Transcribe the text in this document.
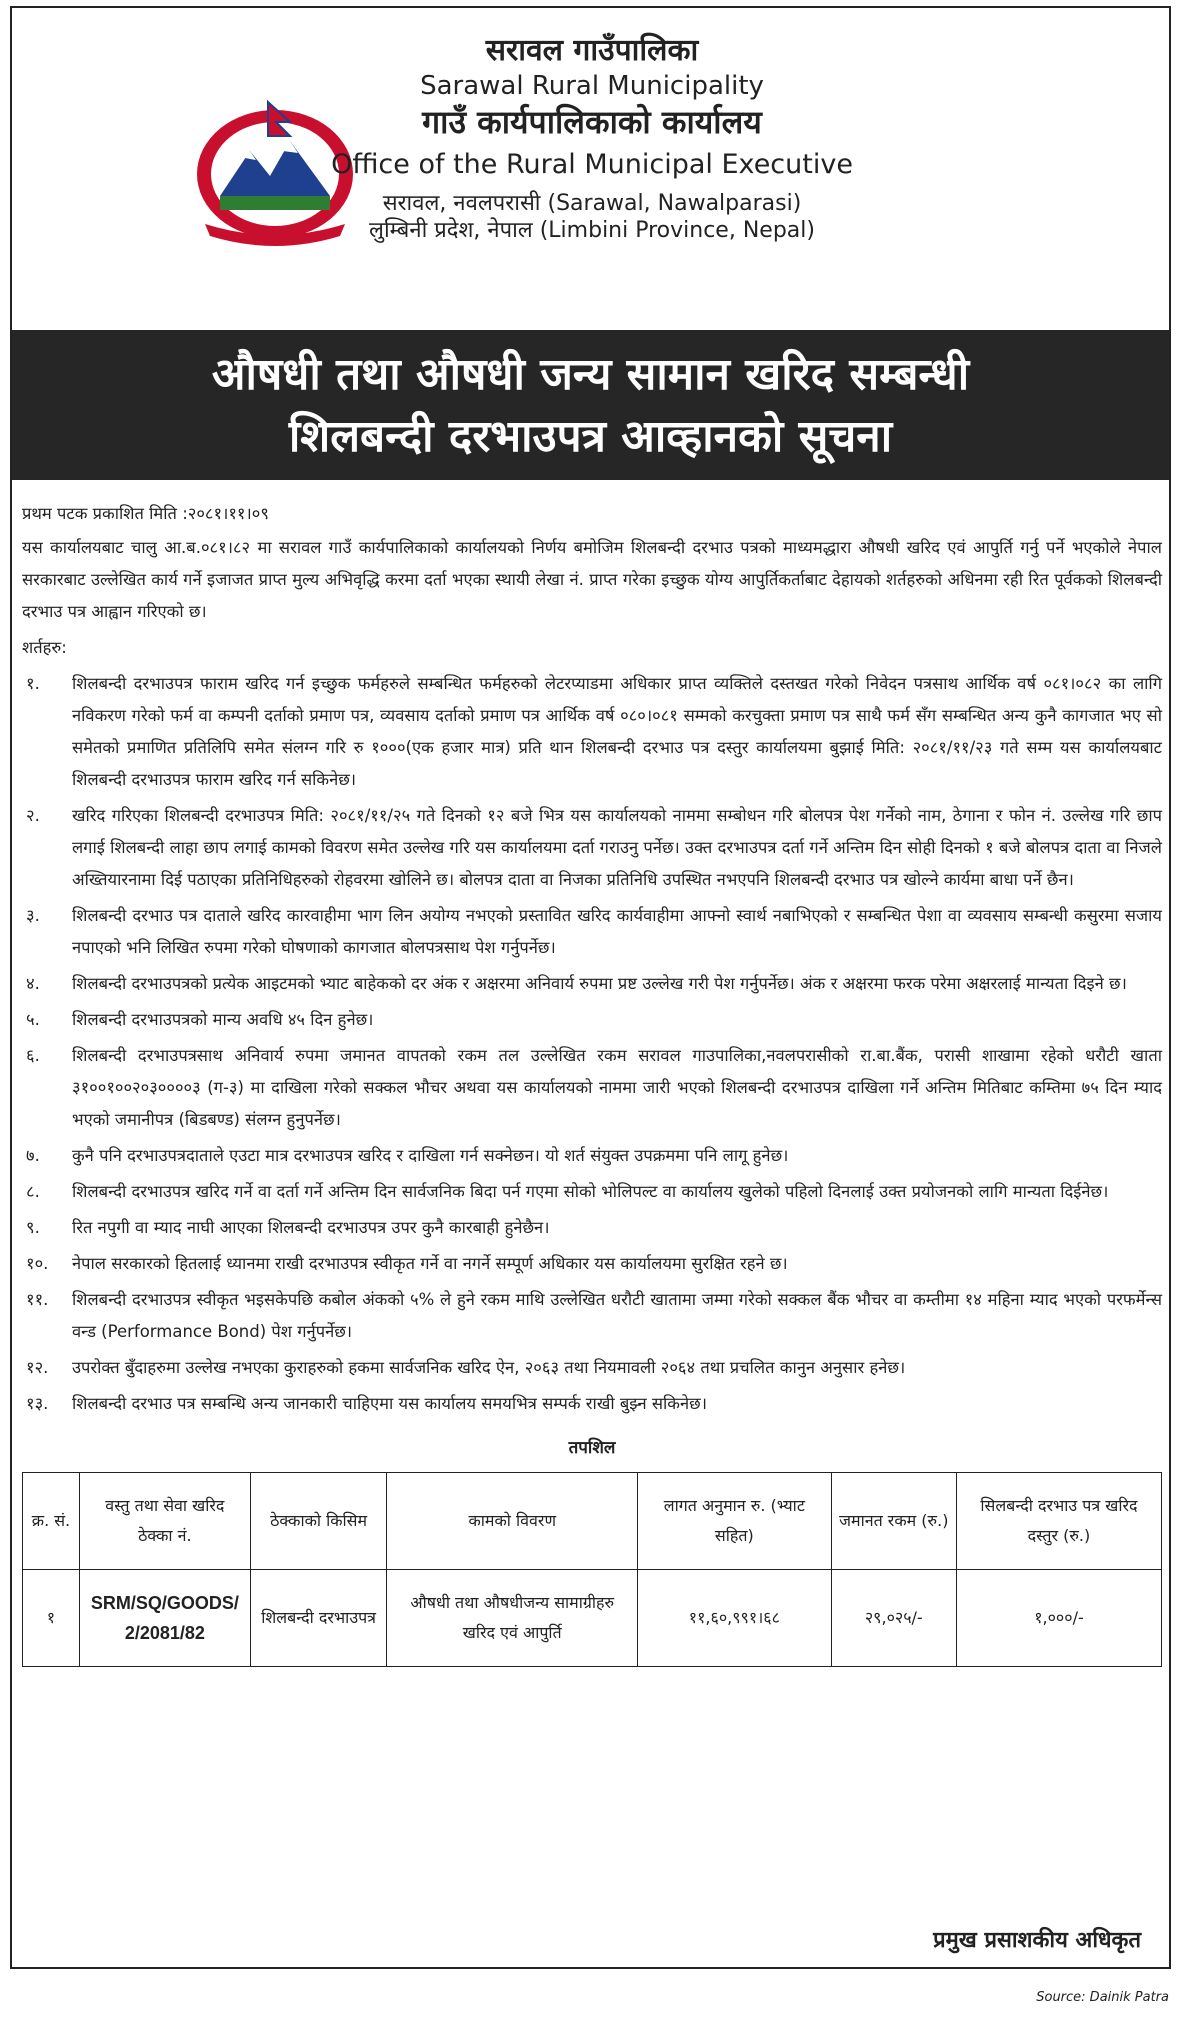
सरावल गाउँपालिका
Sarawal Rural Municipality
गाउँ कार्यपालिकाको कार्यालय
Office of the Rural Municipal Executive
सरावल, नवलपरासी (Sarawal, Nawalparasi)
लुम्बिनी प्रदेश, नेपाल (Limbini Province, Nepal)
औषधी तथा औषधी जन्य सामान खरिद सम्बन्धी
शिलबन्दी दरभाउपत्र आव्हानको सूचना

प्रथम पटक प्रकाशित मिति :२०८१।११।०९

यस कार्यालयबाट चालु आ.ब.०८१।८२ मा सरावल गाउँ कार्यपालिकाको कार्यालयको निर्णय बमोजिम शिलबन्दी दरभाउ पत्रको माध्यमद्धारा औषधी खरिद एवं आपुर्ति गर्नु पर्ने भएकोले नेपाल सरकारबाट उल्लेखित कार्य गर्ने इजाजत प्राप्त मुल्य अभिवृद्धि करमा दर्ता भएका स्थायी लेखा नं. प्राप्त गरेका इच्छुक योग्य आपुर्तिकर्ताबाट देहायको शर्तहरुको अधिनमा रही रित पूर्वकको शिलबन्दी दरभाउ पत्र आह्वान गरिएको छ।

शर्तहरु:

१.	शिलबन्दी दरभाउपत्र फाराम खरिद गर्न इच्छुक फर्महरुले सम्बन्धित फर्महरुको लेटरप्याडमा अधिकार प्राप्त व्यक्तिले दस्तखत गरेको निवेदन पत्रसाथ आर्थिक वर्ष ०८१।०८२ का लागि नविकरण गरेको फर्म वा कम्पनी दर्ताको प्रमाण पत्र, व्यवसाय दर्ताको प्रमाण पत्र आर्थिक वर्ष ०८०।०८१ सम्मको करचुक्ता प्रमाण पत्र साथै फर्म सँग सम्बन्धित अन्य कुनै कागजात भए सो समेतको प्रमाणित प्रतिलिपि समेत संलग्न गरि रु १०००(एक हजार मात्र) प्रति थान शिलबन्दी दरभाउ पत्र दस्तुर कार्यालयमा बुझाई मिति: २०८१/११/२३ गते सम्म यस कार्यालयबाट शिलबन्दी दरभाउपत्र फाराम खरिद गर्न सकिनेछ।
२.	खरिद गरिएका शिलबन्दी दरभाउपत्र मिति: २०८१/११/२५ गते दिनको १२ बजे भित्र यस कार्यालयको नाममा सम्बोधन गरि बोलपत्र पेश गर्नेको नाम, ठेगाना र फोन नं. उल्लेख गरि छाप लगाई शिलबन्दी लाहा छाप लगाई कामको विवरण समेत उल्लेख गरि यस कार्यालयमा दर्ता गराउनु पर्नेछ। उक्त दरभाउपत्र दर्ता गर्ने अन्तिम दिन सोही दिनको १ बजे बोलपत्र दाता वा निजले अख्तियारनामा दिई पठाएका प्रतिनिधिहरुको रोहवरमा खोलिने छ। बोलपत्र दाता वा निजका प्रतिनिधि उपस्थित नभएपनि शिलबन्दी दरभाउ पत्र खोल्ने कार्यमा बाधा पर्ने छैन।
३.	शिलबन्दी दरभाउ पत्र दाताले खरिद कारवाहीमा भाग लिन अयोग्य नभएको प्रस्तावित खरिद कार्यवाहीमा आफ्नो स्वार्थ नबाभिएको र सम्बन्धित पेशा वा व्यवसाय सम्बन्धी कसुरमा सजाय नपाएको भनि लिखित रुपमा गरेको घोषणाको कागजात बोलपत्रसाथ पेश गर्नुपर्नेछ।
४.	शिलबन्दी दरभाउपत्रको प्रत्येक आइटमको भ्याट बाहेकको दर अंक र अक्षरमा अनिवार्य रुपमा प्रष्ट उल्लेख गरी पेश गर्नुपर्नेछ। अंक र अक्षरमा फरक परेमा अक्षरलाई मान्यता दिइने छ।
५.	शिलबन्दी दरभाउपत्रको मान्य अवधि ४५ दिन हुनेछ।
६.	शिलबन्दी दरभाउपत्रसाथ अनिवार्य रुपमा जमानत वापतको रकम तल उल्लेखित रकम सरावल गाउपालिका,नवलपरासीको रा.बा.बैंक, परासी शाखामा रहेको धरौटी खाता ३१००१००२०३००००३ (ग-३) मा दाखिला गरेको सक्कल भौचर अथवा यस कार्यालयको नाममा जारी भएको शिलबन्दी दरभाउपत्र दाखिला गर्ने अन्तिम मितिबाट कम्तिमा ७५ दिन म्याद भएको जमानीपत्र (बिडबण्ड) संलग्न हुनुपर्नेछ।
७.	कुनै पनि दरभाउपत्रदाताले एउटा मात्र दरभाउपत्र खरिद र दाखिला गर्न सक्नेछन। यो शर्त संयुक्त उपक्रममा पनि लागू हुनेछ।
८.	शिलबन्दी दरभाउपत्र खरिद गर्ने वा दर्ता गर्ने अन्तिम दिन सार्वजनिक बिदा पर्न गएमा सोको भोलिपल्ट वा कार्यालय खुलेको पहिलो दिनलाई उक्त प्रयोजनको लागि मान्यता दिईनेछ।
९.	रित नपुगी वा म्याद नाघी आएका शिलबन्दी दरभाउपत्र उपर कुनै कारबाही हुनेछैन।
१०.	नेपाल सरकारको हितलाई ध्यानमा राखी दरभाउपत्र स्वीकृत गर्ने वा नगर्ने सम्पूर्ण अधिकार यस कार्यालयमा सुरक्षित रहने छ।
११.	शिलबन्दी दरभाउपत्र स्वीकृत भइसकेपछि कबोल अंकको ५% ले हुने रकम माथि उल्लेखित धरौटी खातामा जम्मा गरेको सक्कल बैंक भौचर वा कम्तीमा १४ महिना म्याद भएको परफर्मेन्स वन्ड (Performance Bond) पेश गर्नुपर्नेछ।
१२.	उपरोक्त बुँदाहरुमा उल्लेख नभएका कुराहरुको हकमा सार्वजनिक खरिद ऐन, २०६३ तथा नियमावली २०६४ तथा प्रचलित कानुन अनुसार हनेछ।
१३.	शिलबन्दी दरभाउ पत्र सम्बन्धि अन्य जानकारी चाहिएमा यस कार्यालय समयभित्र सम्पर्क राखी बुझ्न सकिनेछ।
तपशिल
क्र. सं.	वस्तु तथा सेवा खरिद ठेक्का नं.	ठेक्काको किसिम	कामको विवरण	लागत अनुमान रु. (भ्याट सहित)	जमानत रकम (रु.)	सिलबन्दी दरभाउ पत्र खरिद दस्तुर (रु.)
१	SRM/SQ/GOODS/ 2/2081/82	शिलबन्दी दरभाउपत्र	औषधी तथा औषधीजन्य सामाग्रीहरु खरिद एवं आपुर्ति	११,६०,९९१।६८	२९,०२५/-	१,०००/-
प्रमुख प्रसाशकीय अधिकृत
Source: Dainik Patra
